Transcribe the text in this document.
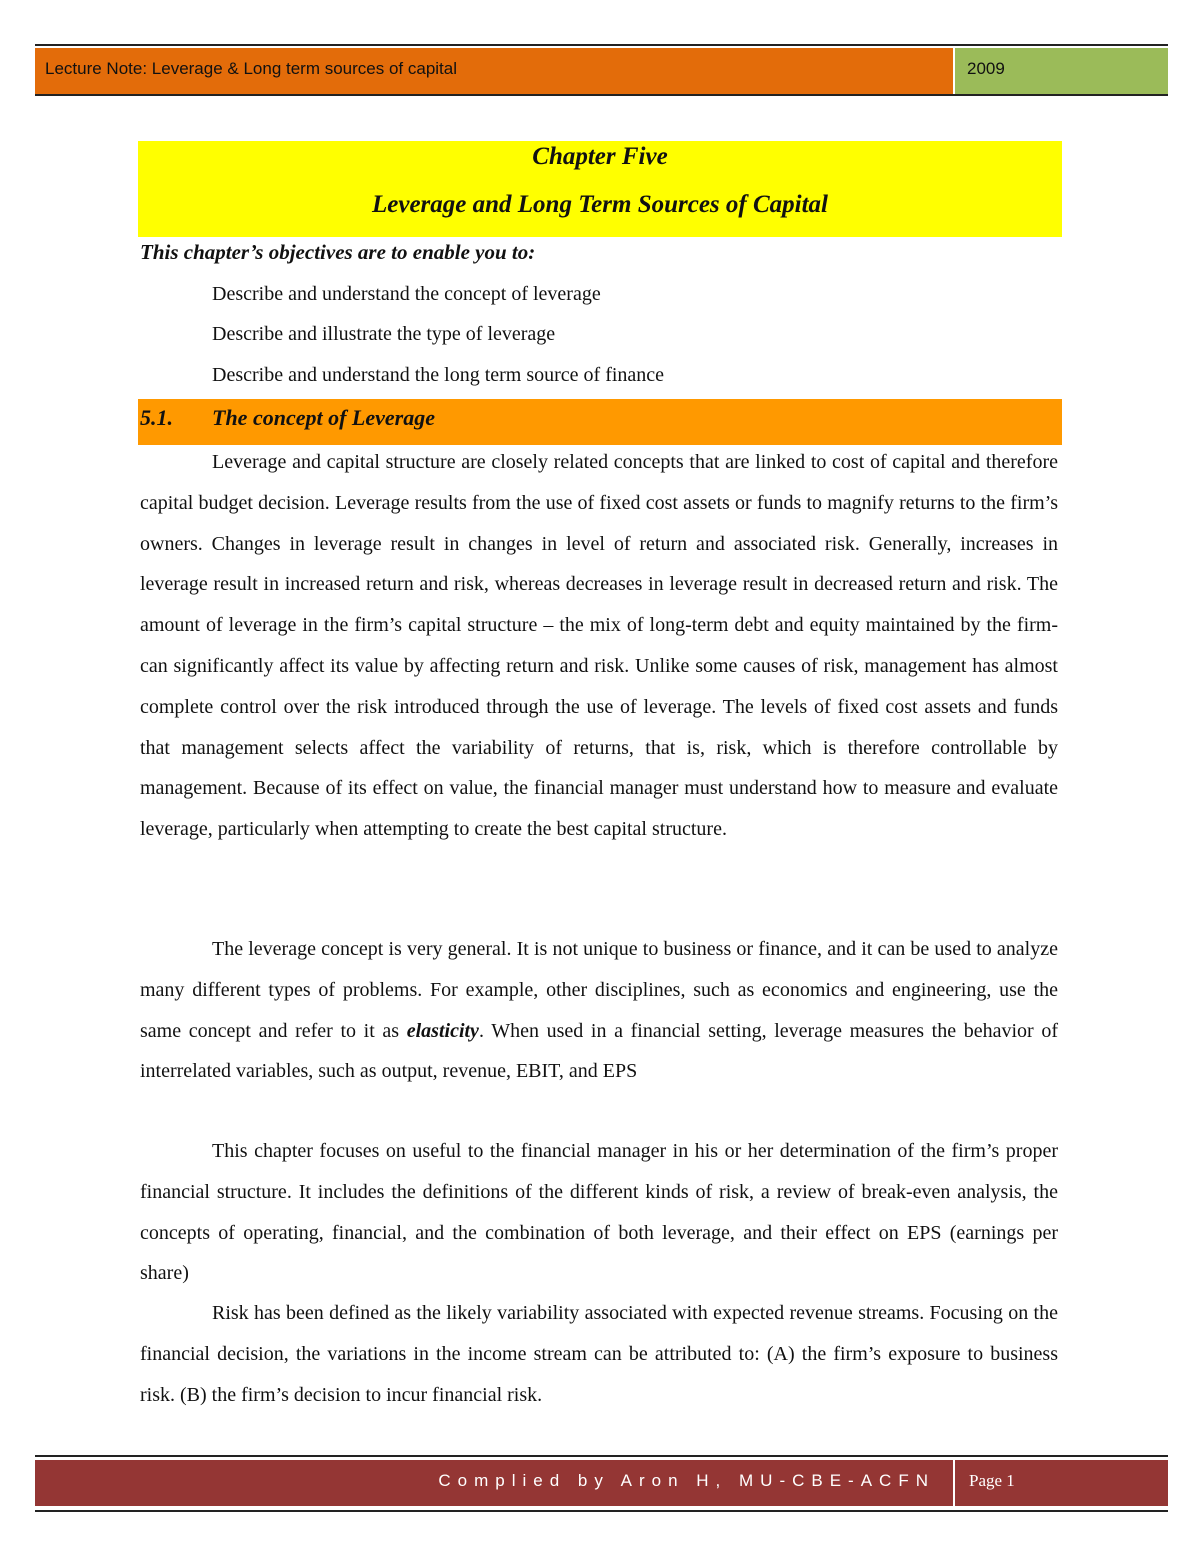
Lecture Note: Leverage & Long term sources of capital	2009
Chapter Five
Leverage and Long Term Sources of Capital
This chapter’s objectives are to enable you to:
Describe and understand the concept of leverage
Describe and illustrate the type of leverage
Describe and understand the long term source of finance
5.1. The concept of Leverage

Leverage and capital structure are closely related concepts that are linked to cost of capital and therefore capital budget decision. Leverage results from the use of fixed cost assets or funds to magnify returns to the firm’s owners. Changes in leverage result in changes in level of return and associated risk. Generally, increases in leverage result in increased return and risk, whereas decreases in leverage result in decreased return and risk. The amount of leverage in the firm’s capital structure – the mix of long-term debt and equity maintained by the firm- can significantly affect its value by affecting return and risk. Unlike some causes of risk, management has almost complete control over the risk introduced through the use of leverage. The levels of fixed cost assets and funds that management selects affect the variability of returns, that is, risk, which is therefore controllable by management. Because of its effect on value, the financial manager must understand how to measure and evaluate leverage, particularly when attempting to create the best capital structure.

The leverage concept is very general. It is not unique to business or finance, and it can be used to analyze many different types of problems. For example, other disciplines, such as economics and engineering, use the same concept and refer to it as elasticity. When used in a financial setting, leverage measures the behavior of interrelated variables, such as output, revenue, EBIT, and EPS

This chapter focuses on useful to the financial manager in his or her determination of the firm’s proper financial structure. It includes the definitions of the different kinds of risk, a review of break-even analysis, the concepts of operating, financial, and the combination of both leverage, and their effect on EPS (earnings per share)

Risk has been defined as the likely variability associated with expected revenue streams. Focusing on the financial decision, the variations in the income stream can be attributed to: (A) the firm’s exposure to business risk. (B) the firm’s decision to incur financial risk.

Complied by Aron H, MU-CBE-ACFN	Page 1
